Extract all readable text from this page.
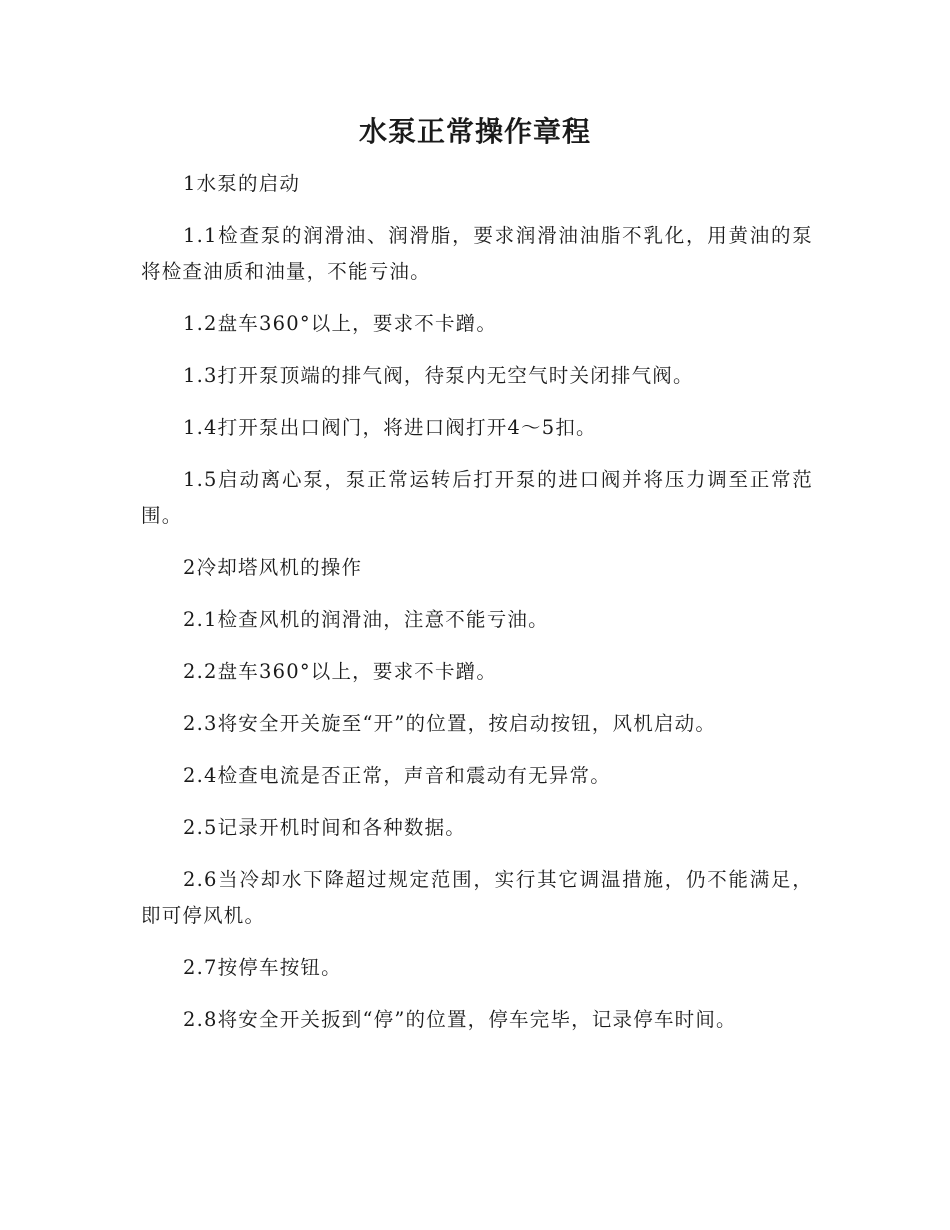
水泵正常操作章程

1水泵的启动

1.1检查泵的润滑油、润滑脂，要求润滑油油脂不乳化，用黄油的泵将检查油质和油量，不能亏油。

1.2盘车360°以上，要求不卡蹭。

1.3打开泵顶端的排气阀，待泵内无空气时关闭排气阀。

1.4打开泵出口阀门，将进口阀打开4～5扣。

1.5启动离心泵，泵正常运转后打开泵的进口阀并将压力调至正常范围。

2冷却塔风机的操作

2.1检查风机的润滑油，注意不能亏油。

2.2盘车360°以上，要求不卡蹭。

2.3将安全开关旋至“开”的位置，按启动按钮，风机启动。

2.4检查电流是否正常，声音和震动有无异常。

2.5记录开机时间和各种数据。

2.6当冷却水下降超过规定范围，实行其它调温措施，仍不能满足，即可停风机。

2.7按停车按钮。

2.8将安全开关扳到“停”的位置，停车完毕，记录停车时间。
